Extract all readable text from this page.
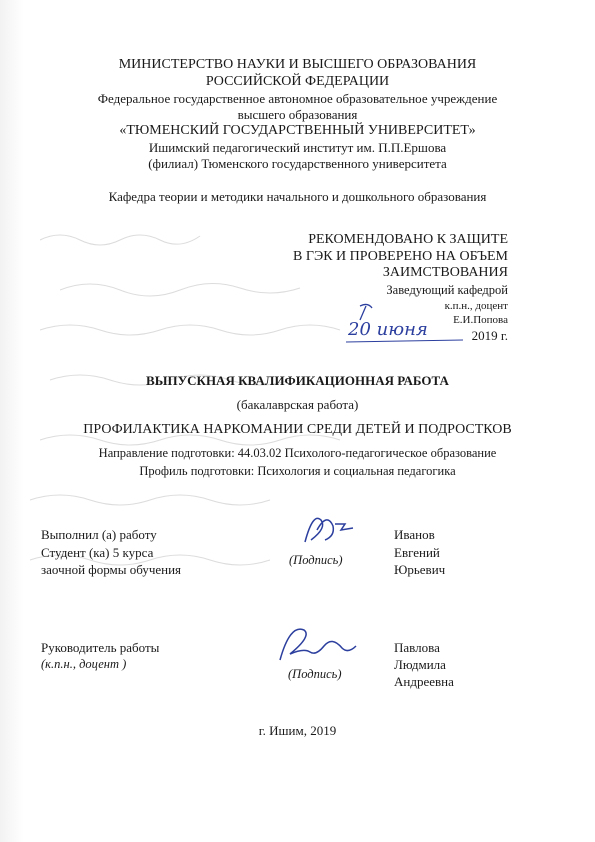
МИНИСТЕРСТВО НАУКИ И ВЫСШЕГО ОБРАЗОВАНИЯ
РОССИЙСКОЙ ФЕДЕРАЦИИ
Федеральное государственное автономное образовательное учреждение
высшего образования
«ТЮМЕНСКИЙ ГОСУДАРСТВЕННЫЙ УНИВЕРСИТЕТ»
Ишимский педагогический институт им. П.П.Ершова
(филиал) Тюменского государственного университета
Кафедра теории и методики начального и дошкольного образования
РЕКОМЕНДОВАНО К ЗАЩИТЕ
В ГЭК И ПРОВЕРЕНО НА ОБЪЕМ
ЗАИМСТВОВАНИЯ
Заведующий кафедрой
к.п.н., доцент
Е.И.Попова
2019 г.
20 июня
ВЫПУСКНАЯ КВАЛИФИКАЦИОННАЯ РАБОТА
(бакалаврская работа)
ПРОФИЛАКТИКА НАРКОМАНИИ СРЕДИ ДЕТЕЙ И ПОДРОСТКОВ
Направление подготовки: 44.03.02 Психолого-педагогическое образование
Профиль подготовки: Психология и социальная педагогика
Выполнил (а) работу
Студент (ка) 5 курса
заочной формы обучения
(Подпись)
Иванов
Евгений
Юрьевич
Руководитель работы
(к.п.н., доцент )
(Подпись)
Павлова
Людмила
Андреевна
г. Ишим, 2019
